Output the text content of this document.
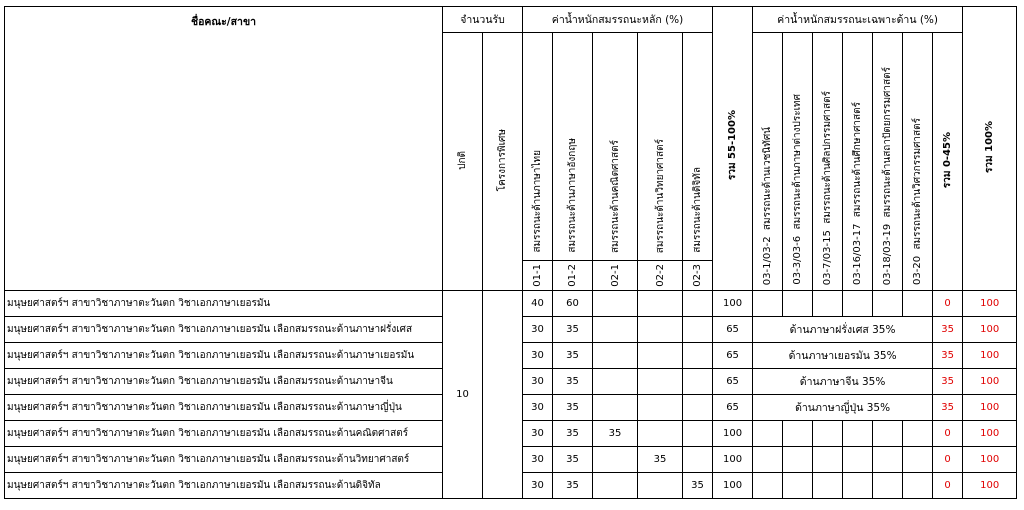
ชื่อคณะ/สาขา	จำนวนรับ		ค่าน้ำหนักสมรรถนะหลัก (%)					รวม 55-100%	ค่าน้ำหนักสมรรถนะเฉพาะด้าน (%)							รวม 100%
	ปกติ	โครงการพิเศษ	สมรรถนะด้านภาษาไทย	สมรรถนะด้านภาษาอังกฤษ	สมรรถนะด้านคณิตศาสตร์	สมรรถนะด้านวิทยาศาสตร์	สมรรถนะด้านดิจิทัล		03-1/03-2  สมรรถนะด้านเวชนิทัศน์	03-3/03-6  สมรรถนะด้านภาษาต่างประเทศ	03-7/03-15  สมรรถนะด้านศิลปกรรมศาสตร์	03-16/03-17  สมรรถนะด้านศึกษาศาสตร์	03-18/03-19  สมรรถนะด้านสถาปัตยกรรมศาสตร์	03-20  สมรรถนะด้านวิศวกรรมศาสตร์	รวม 0-45%	
			01-1	01-2	02-1	02-2	02-3									
มนุษยศาสตร์ฯ สาขาวิชาภาษาตะวันตก วิชาเอกภาษาเยอรมัน	10		40	60				100							0	100
มนุษยศาสตร์ฯ สาขาวิชาภาษาตะวันตก วิชาเอกภาษาเยอรมัน เลือกสมรรถนะด้านภาษาฝรั่งเศส			30	35				65	ด้านภาษาฝรั่งเศส 35%						35	100
มนุษยศาสตร์ฯ สาขาวิชาภาษาตะวันตก วิชาเอกภาษาเยอรมัน เลือกสมรรถนะด้านภาษาเยอรมัน			30	35				65	ด้านภาษาเยอรมัน 35%						35	100
มนุษยศาสตร์ฯ สาขาวิชาภาษาตะวันตก วิชาเอกภาษาเยอรมัน เลือกสมรรถนะด้านภาษาจีน			30	35				65	ด้านภาษาจีน 35%						35	100
มนุษยศาสตร์ฯ สาขาวิชาภาษาตะวันตก วิชาเอกภาษาเยอรมัน เลือกสมรรถนะด้านภาษาญี่ปุ่น			30	35				65	ด้านภาษาญี่ปุ่น 35%						35	100
มนุษยศาสตร์ฯ สาขาวิชาภาษาตะวันตก วิชาเอกภาษาเยอรมัน เลือกสมรรถนะด้านคณิตศาสตร์			30	35	35			100							0	100
มนุษยศาสตร์ฯ สาขาวิชาภาษาตะวันตก วิชาเอกภาษาเยอรมัน เลือกสมรรถนะด้านวิทยาศาสตร์			30	35		35		100							0	100
มนุษยศาสตร์ฯ สาขาวิชาภาษาตะวันตก วิชาเอกภาษาเยอรมัน เลือกสมรรถนะด้านดิจิทัล			30	35			35	100							0	100
